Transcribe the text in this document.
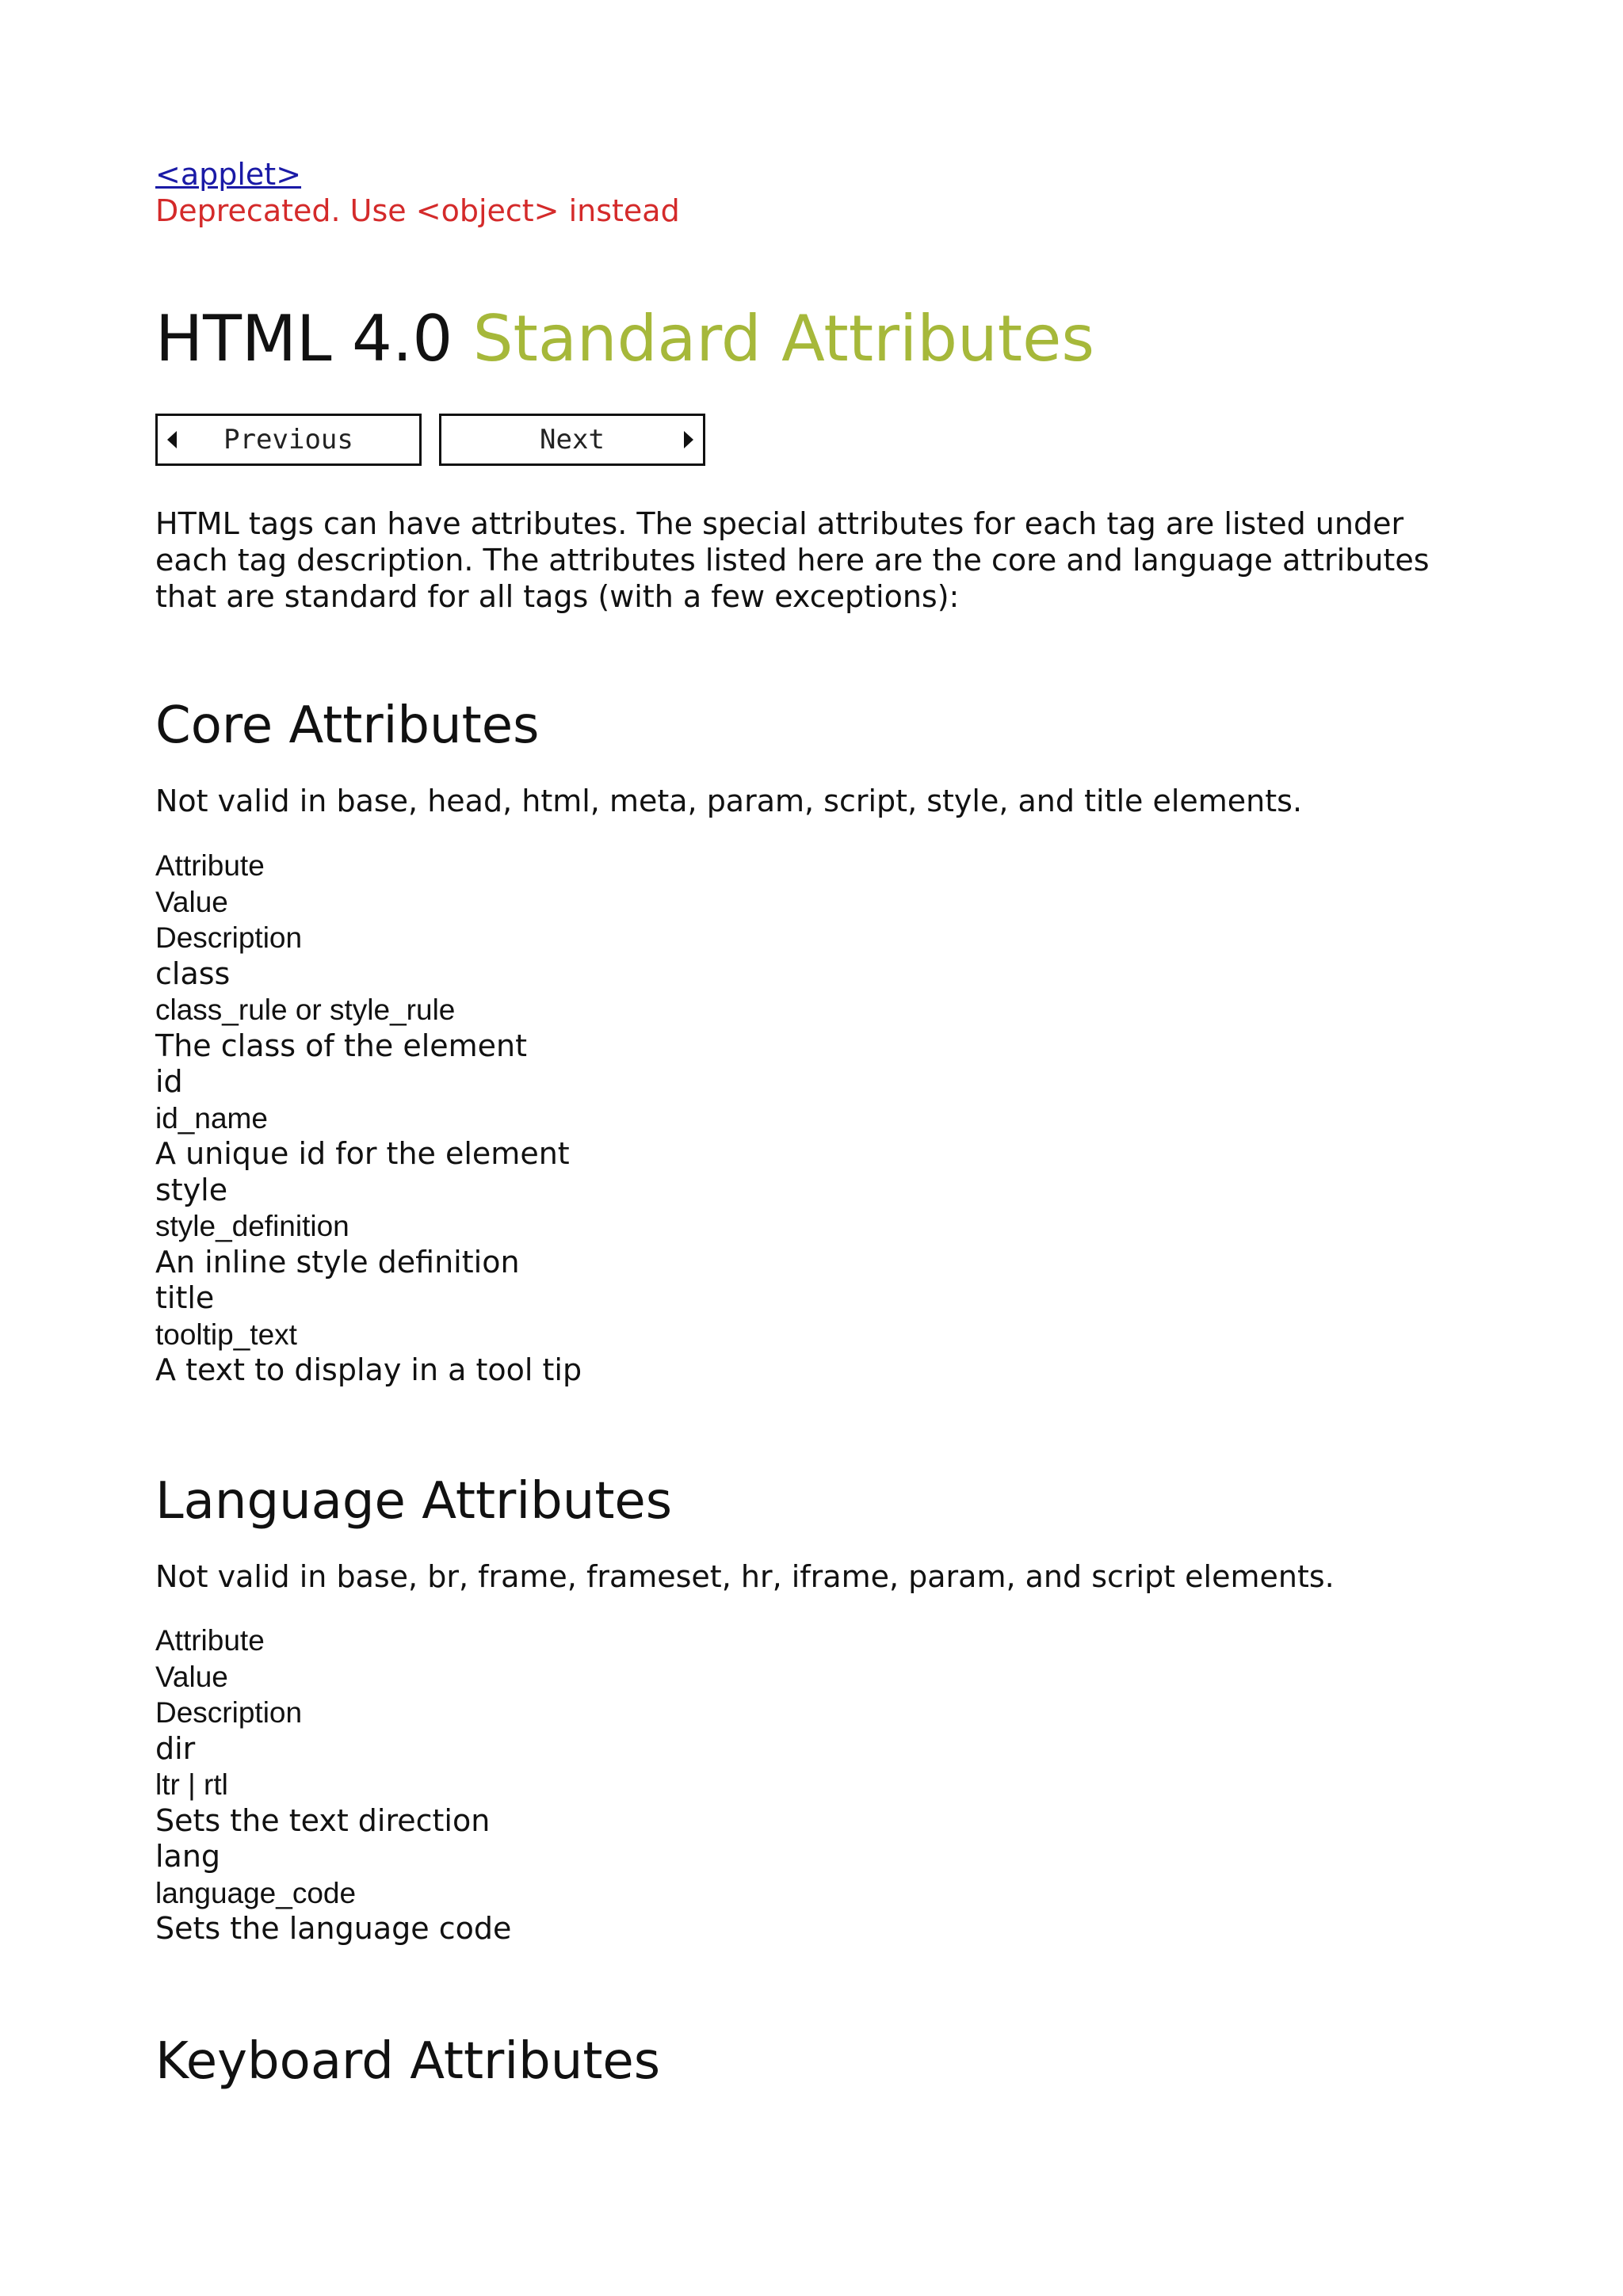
<applet>
Deprecated. Use <object> instead
HTML 4.0 Standard Attributes
Previous	Next

HTML tags can have attributes. The special attributes for each tag are listed under
each tag description. The attributes listed here are the core and language attributes
that are standard for all tags (with a few exceptions):

Core Attributes

Not valid in base, head, html, meta, param, script, style, and title elements.

Attribute
Value
Description
class
class_rule or style_rule
The class of the element
id
id_name
A unique id for the element
style
style_definition
An inline style definition
title
tooltip_text
A text to display in a tool tip
Language Attributes

Not valid in base, br, frame, frameset, hr, iframe, param, and script elements.

Attribute
Value
Description
dir
ltr | rtl
Sets the text direction
lang
language_code
Sets the language code
Keyboard Attributes
